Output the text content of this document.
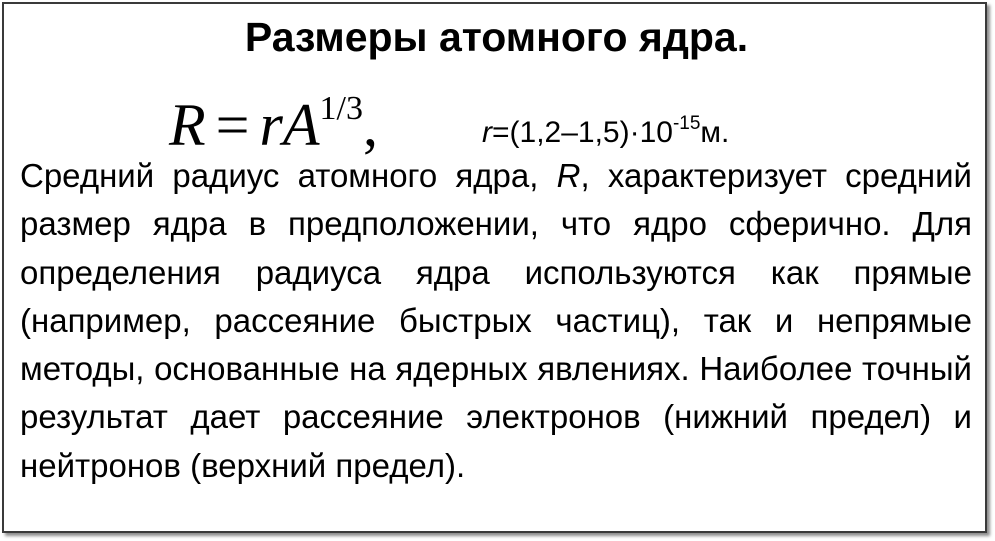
Размеры атомного ядра.
$R = rA^{1/3}$,	$r=(1,2-1,5)\cdot 10^{-15}м$.

Средний радиус атомного ядра, R, характеризует средний размер ядра в предположении, что ядро сферично. Для определения радиуса ядра используются как прямые (например, рассеяние быстрых частиц), так и непрямые методы, основанные на ядерных явлениях. Наиболее точный результат дает рассеяние электронов (нижний предел) и нейтронов (верхний предел).
